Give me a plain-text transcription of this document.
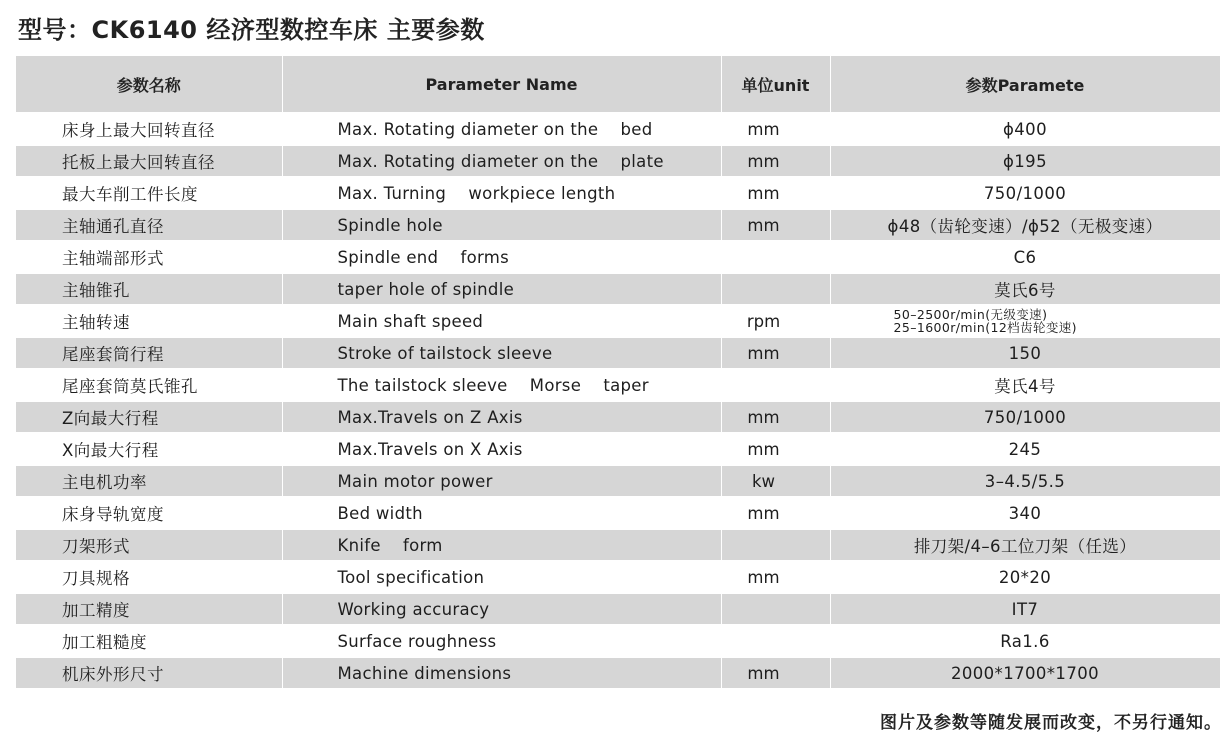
型号：CK6140 经济型数控车床 主要参数
参数名称	Parameter Name	单位unit	参数Paramete
床身上最大回转直径	Max. Rotating diameter on the    bed	mm	ϕ400
托板上最大回转直径	Max. Rotating diameter on the    plate	mm	ϕ195
最大车削工件长度	Max. Turning    workpiece length	mm	750/1000
主轴通孔直径	Spindle hole	mm	ϕ48（齿轮变速）/ϕ52（无极变速）
主轴端部形式	Spindle end    forms		C6
主轴锥孔	taper hole of spindle		莫氏6号
主轴转速	Main shaft speed	rpm	50–2500r/min(无级变速)
25–1600r/min(12档齿轮变速)

尾座套筒行程	Stroke of tailstock sleeve	mm	150
尾座套筒莫氏锥孔	The tailstock sleeve    Morse    taper		莫氏4号
Z向最大行程	Max.Travels on Z Axis	mm	750/1000
X向最大行程	Max.Travels on X Axis	mm	245
主电机功率	Main motor power	kw	3–4.5/5.5
床身导轨宽度	Bed width	mm	340
刀架形式	Knife    form		排刀架/4–6工位刀架（任选）
刀具规格	Tool specification	mm	20*20
加工精度	Working accuracy		IT7
加工粗糙度	Surface roughness		Ra1.6
机床外形尺寸	Machine dimensions	mm	2000*1700*1700
图片及参数等随发展而改变，不另行通知。
